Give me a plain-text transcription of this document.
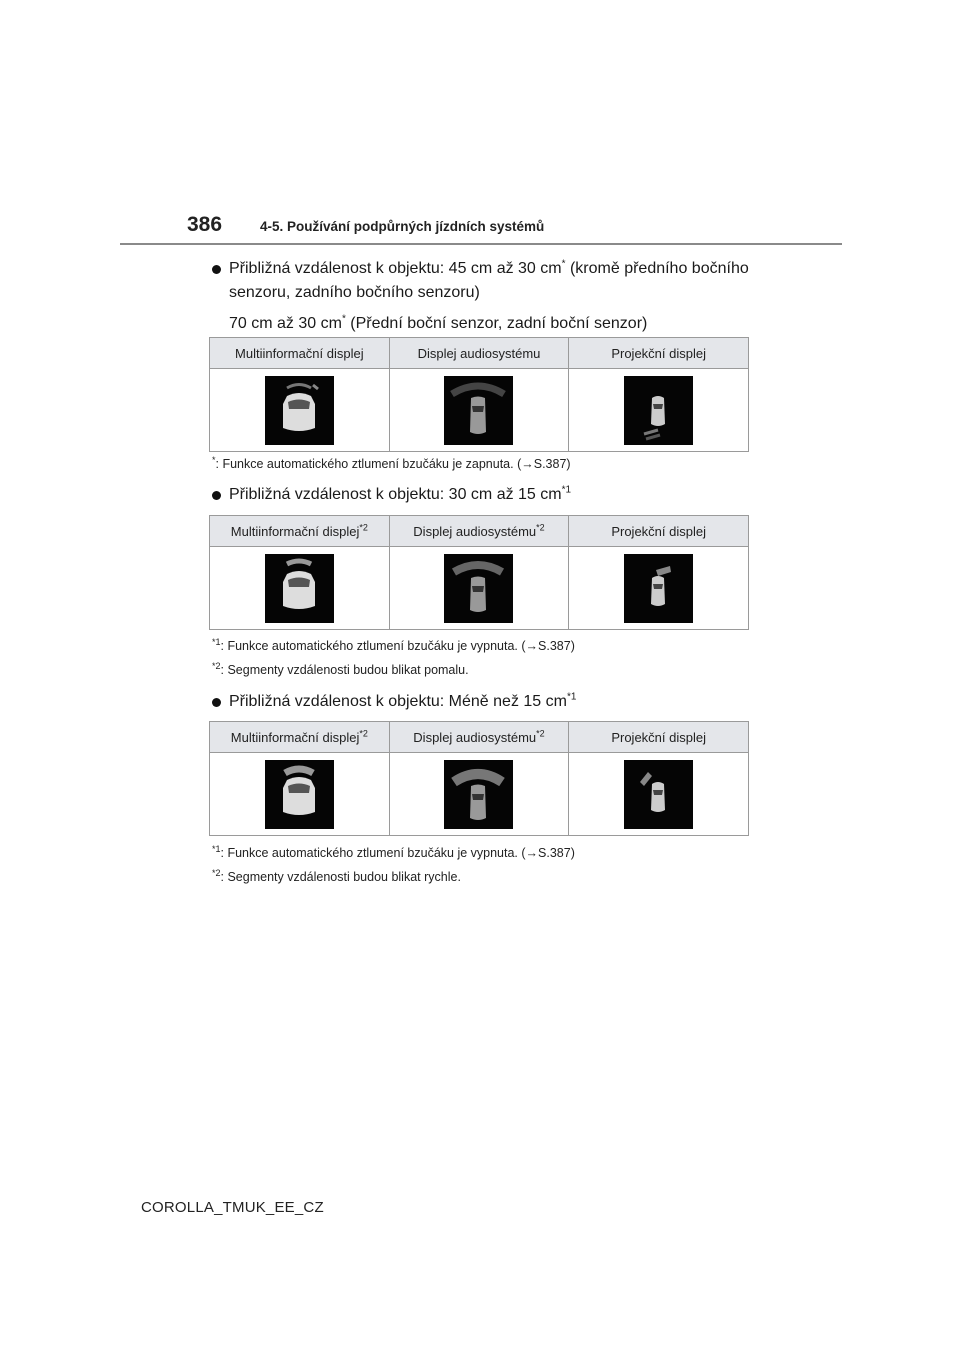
386	4-5. Používání podpůrných jízdních systémů
Přibližná vzdálenost k objektu: 45 cm až 30 cm* (kromě předního bočního
senzoru, zadního bočního senzoru)
70 cm až 30 cm* (Přední boční senzor, zadní boční senzor)
Multiinformační displej	Displej audiosystému	Projekční displej

*: Funkce automatického ztlumení bzučáku je zapnuta. (→S.387)
Přibližná vzdálenost k objektu: 30 cm až 15 $cm^{*1}$
Multiinformační displej$^{*2}$	Displej audiosystému$^{*2}$	Projekční displej

$^{*1}$: Funkce automatického ztlumení bzučáku je vypnuta. (→S.387)
$^{*2}$: Segmenty vzdálenosti budou blikat pomalu.
Přibližná vzdálenost k objektu: Méně než 15 $cm^{*1}$
Multiinformační displej$^{*2}$	Displej audiosystému$^{*2}$	Projekční displej

$^{*1}$: Funkce automatického ztlumení bzučáku je vypnuta. (→S.387)
$^{*2}$: Segmenty vzdálenosti budou blikat rychle.
COROLLA_TMUK_EE_CZ
